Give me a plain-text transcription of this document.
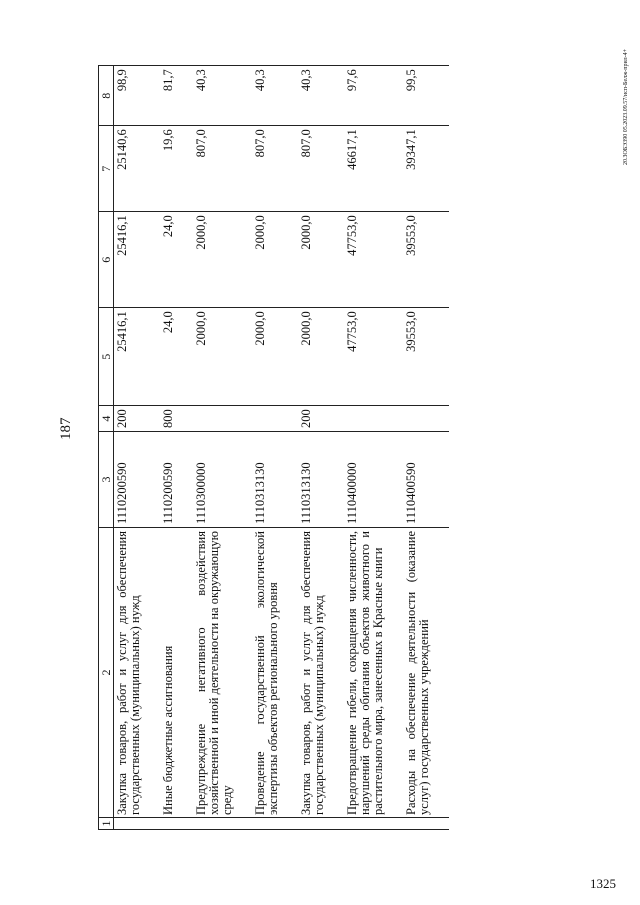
187
20.ЗОБЭ390 05.2023.09.57/исп-Белж-прил-4+
1325
1	2	3	4	5	6	7	8
	Закупка товаров, работ и услуг для обеспечения государственных (муниципальных) нужд	1110200590	200	25416,1	25416,1	25140,6	98,9
	Иные бюджетные ассигнования	1110200590	800	24,0	24,0	19,6	81,7
	Предупреждение негативного воздействия хозяйственной и иной деятельности на окружающую среду	1110300000		2000,0	2000,0	807,0	40,3
	Проведение государственной экологической экспертизы объектов регионального уровня	1110313130		2000,0	2000,0	807,0	40,3
	Закупка товаров, работ и услуг для обеспечения государственных (муниципальных) нужд	1110313130	200	2000,0	2000,0	807,0	40,3
	Предотвращение гибели, сокращения численности, нарушений среды обитания объектов животного и растительного мира, занесенных в Красные книги	1110400000		47753,0	47753,0	46617,1	97,6
	Расходы на обеспечение деятельности (оказание услуг) государственных учреждений	1110400590		39553,0	39553,0	39347,1	99,5
